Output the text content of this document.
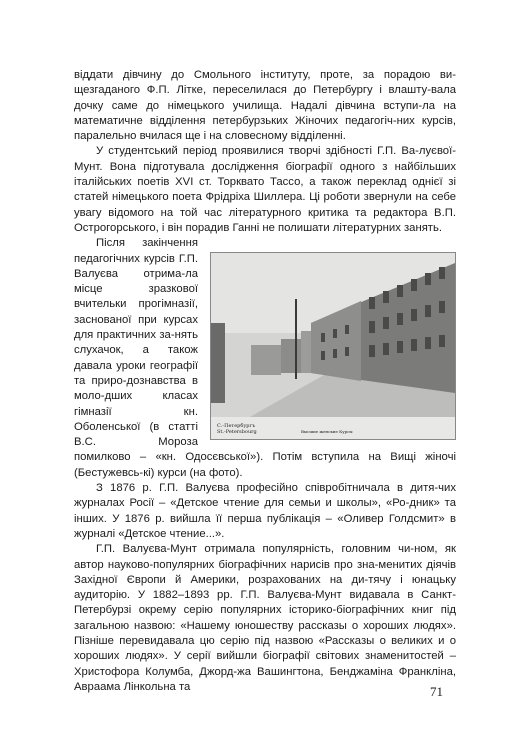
віддати дівчину до Смольного інституту, проте, за порадою ви-щезгаданого Ф.П. Літке, переселилася до Петербургу і влашту-вала дочку саме до німецького училища. Надалі дівчина вступи-ла на математичне відділення петербурзьких Жіночих педагогіч-них курсів, паралельно вчилася ще і на словесному відділенні.

У студентський період проявилися творчі здібності Г.П. Ва-луєвої-Мунт. Вона підготувала дослідження біографії одного з найбільших італійських поетів XVI ст. Торквато Тассо, а також переклад однієї зі статей німецького поета Фрідріха Шиллера. Ці роботи звернули на себе увагу відомого на той час літературного критика та редактора В.П. Острогорського, і він порадив Ганні не полишати літературних занять.

С.-Петербургъ
St.-Petersbourg	Высшие женские Курсы

Після закінчення педагогічних курсів Г.П. Валуєва отрима-ла місце зразкової вчительки прогімназії, заснованої при курсах для практичних за-нять слухачок, а також давала уроки географії та приро-дознавства в моло-дших класах гімназії кн. Оболенської (в статті В.С. Мороза помилково – «кн. Одосєвської»). Потім вступила на Вищі жіночі (Бестужевсь-кі) курси (на фото).

З 1876 р. Г.П. Валуєва професійно співробітничала в дитя-чих журналах Росії – «Детское чтение для семьи и школы», «Ро-дник» та інших. У 1876 р. вийшла її перша публікація – «Оливер Голдсмит» в журналі «Детское чтение...».

Г.П. Валуєва-Мунт отримала популярність, головним чи-ном, як автор науково-популярних біографічних нарисів про зна-менитих діячів Західної Європи й Америки, розрахованих на ди-тячу і юнацьку аудиторію. У 1882–1893 рр. Г.П. Валуєва-Мунт видавала в Санкт-Петербурзі окрему серію популярних історико-біографічних книг під загальною назвою: «Нашему юношеству рассказы о хороших людях». Пізніше перевидавала цю серію під назвою «Рассказы о великих и о хороших людях». У серії вийшли біографії світових знаменитостей – Христофора Колумба, Джорд-жа Вашингтона, Бенджаміна Франкліна, Авраама Лінкольна та	71
